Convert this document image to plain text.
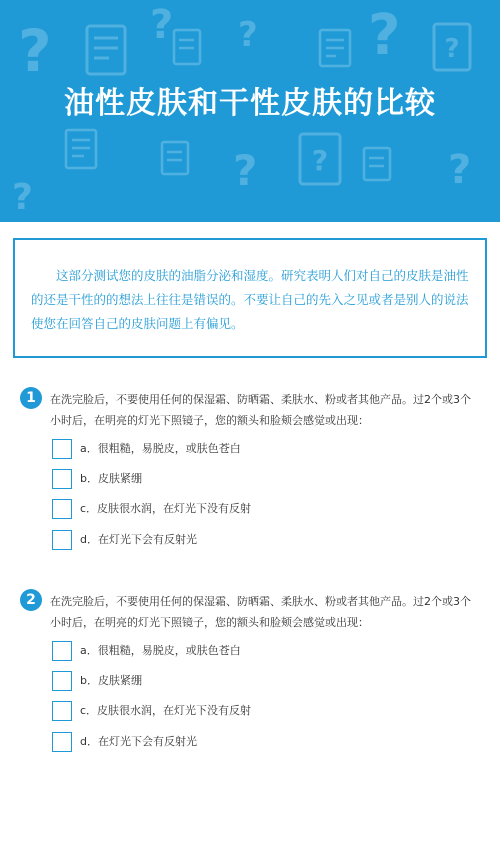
? ? ? ?
?
?
?
?
?
油性皮肤和干性皮肤的比较

这部分测试您的皮肤的油脂分泌和湿度。研究表明人们对自己的皮肤是油性的还是干性的的想法上往往是错误的。不要让自己的先入之见或者是别人的说法使您在回答自己的皮肤问题上有偏见。

1	在洗完脸后，不要使用任何的保湿霜、防晒霜、柔肤水、粉或者其他产品。过2个或3个小时后，在明亮的灯光下照镜子，您的额头和脸颊会感觉或出现：
a．很粗糙，易脱皮，或肤色苍白
b．皮肤紧绷
c．皮肤很水润，在灯光下没有反射
d．在灯光下会有反射光
2	在洗完脸后，不要使用任何的保湿霜、防晒霜、柔肤水、粉或者其他产品。过2个或3个小时后，在明亮的灯光下照镜子，您的额头和脸颊会感觉或出现：
a．很粗糙，易脱皮，或肤色苍白
b．皮肤紧绷
c．皮肤很水润，在灯光下没有反射
d．在灯光下会有反射光
